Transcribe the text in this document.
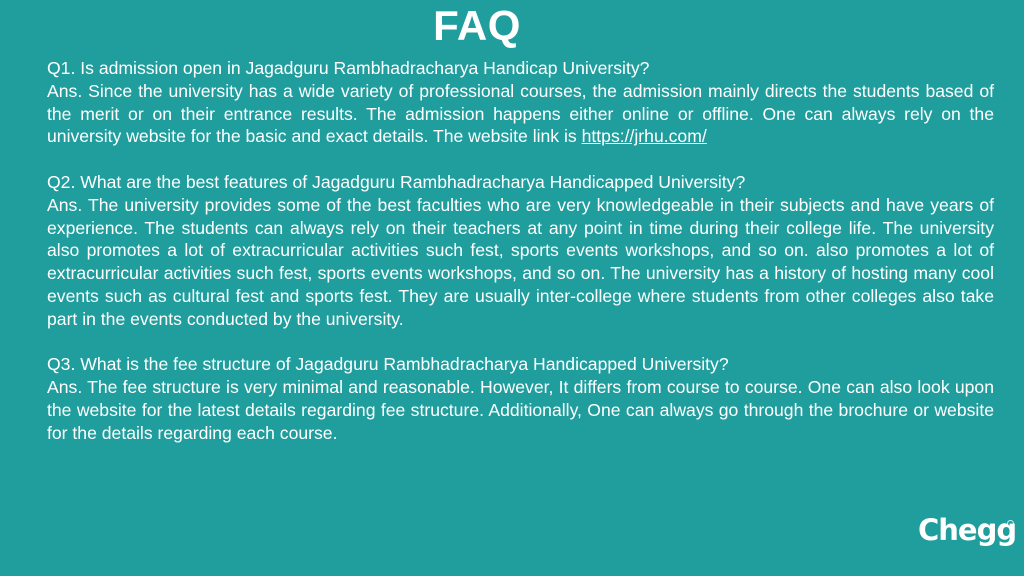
FAQ

Q1. Is admission open in Jagadguru Rambhadracharya Handicap University?

Ans. Since the university has a wide variety of professional courses, the admission mainly directs the students based of the merit or on their entrance results. The admission happens either online or offline. One can always rely on the university website for the basic and exact details. The website link is https://jrhu.com/

Q2. What are the best features of Jagadguru Rambhadracharya Handicapped University?

Ans. The university provides some of the best faculties who are very knowledgeable in their subjects and have years of experience. The students can always rely on their teachers at any point in time during their college life. The university also promotes a lot of extracurricular activities such fest, sports events workshops, and so on. also promotes a lot of extracurricular activities such fest, sports events workshops, and so on. The university has a history of hosting many cool events such as cultural fest and sports fest. They are usually inter-college where students from other colleges also take part in the events conducted by the university.

Q3. What is the fee structure of Jagadguru Rambhadracharya Handicapped University?

Ans. The fee structure is very minimal and reasonable. However, It differs from course to course. One can also look upon the website for the latest details regarding fee structure. Additionally, One can always go through the brochure or website for the details regarding each course.

Chegg
